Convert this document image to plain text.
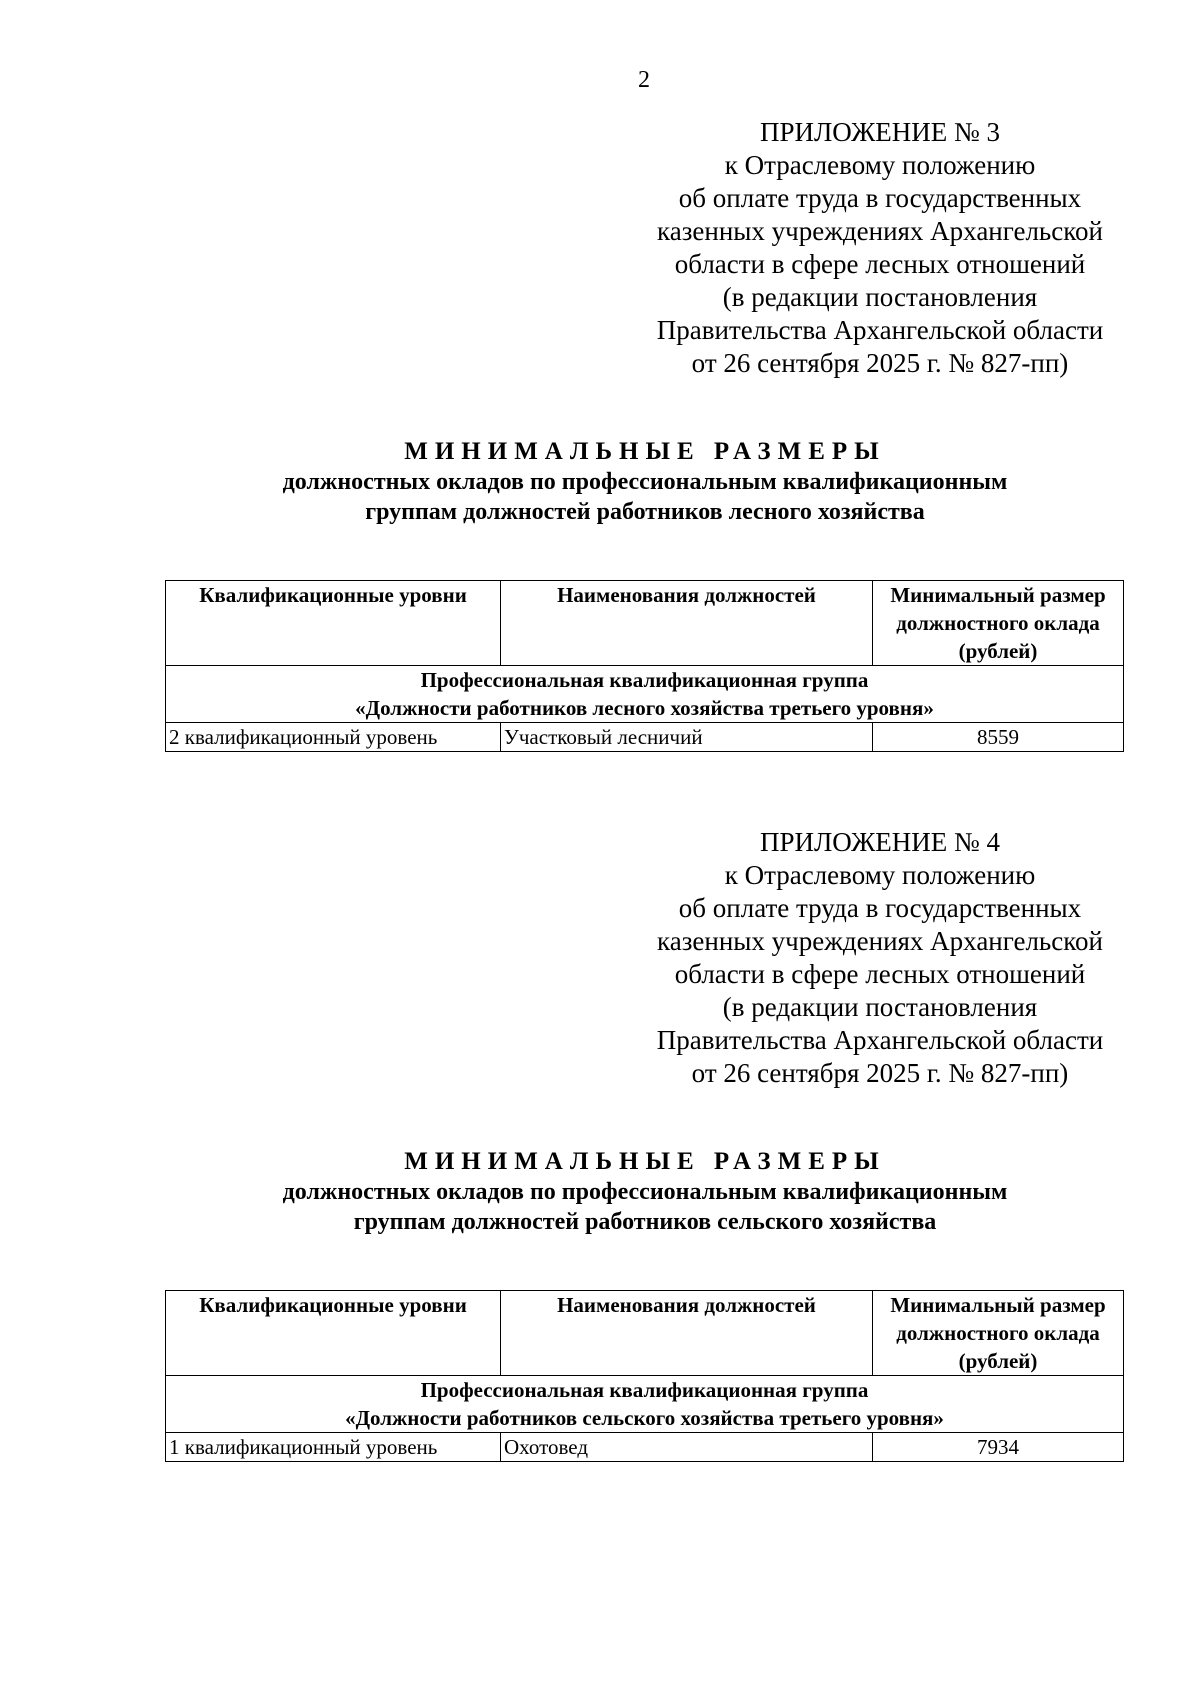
2
ПРИЛОЖЕНИЕ № 3
к Отраслевому положению
об оплате труда в государственных
казенных учреждениях Архангельской
области в сфере лесных отношений
(в редакции постановления
Правительства Архангельской области
от 26 сентября 2025 г. № 827-пп)
МИНИМАЛЬНЫЕ РАЗМЕРЫ
должностных окладов по профессиональным квалификационным
группам должностей работников лесного хозяйства
Квалификационные уровни	Наименования должностей	Минимальный размер должностного оклада (рублей)

Профессиональная квалификационная группа
«Должности работников лесного хозяйства третьего уровня»		

2 квалификационный уровень	Участковый лесничий	8559
ПРИЛОЖЕНИЕ № 4
к Отраслевому положению
об оплате труда в государственных
казенных учреждениях Архангельской
области в сфере лесных отношений
(в редакции постановления
Правительства Архангельской области
от 26 сентября 2025 г. № 827-пп)
МИНИМАЛЬНЫЕ РАЗМЕРЫ
должностных окладов по профессиональным квалификационным
группам должностей работников сельского хозяйства
Квалификационные уровни	Наименования должностей	Минимальный размер должностного оклада (рублей)

Профессиональная квалификационная группа
«Должности работников сельского хозяйства третьего уровня»		

1 квалификационный уровень	Охотовед	7934
